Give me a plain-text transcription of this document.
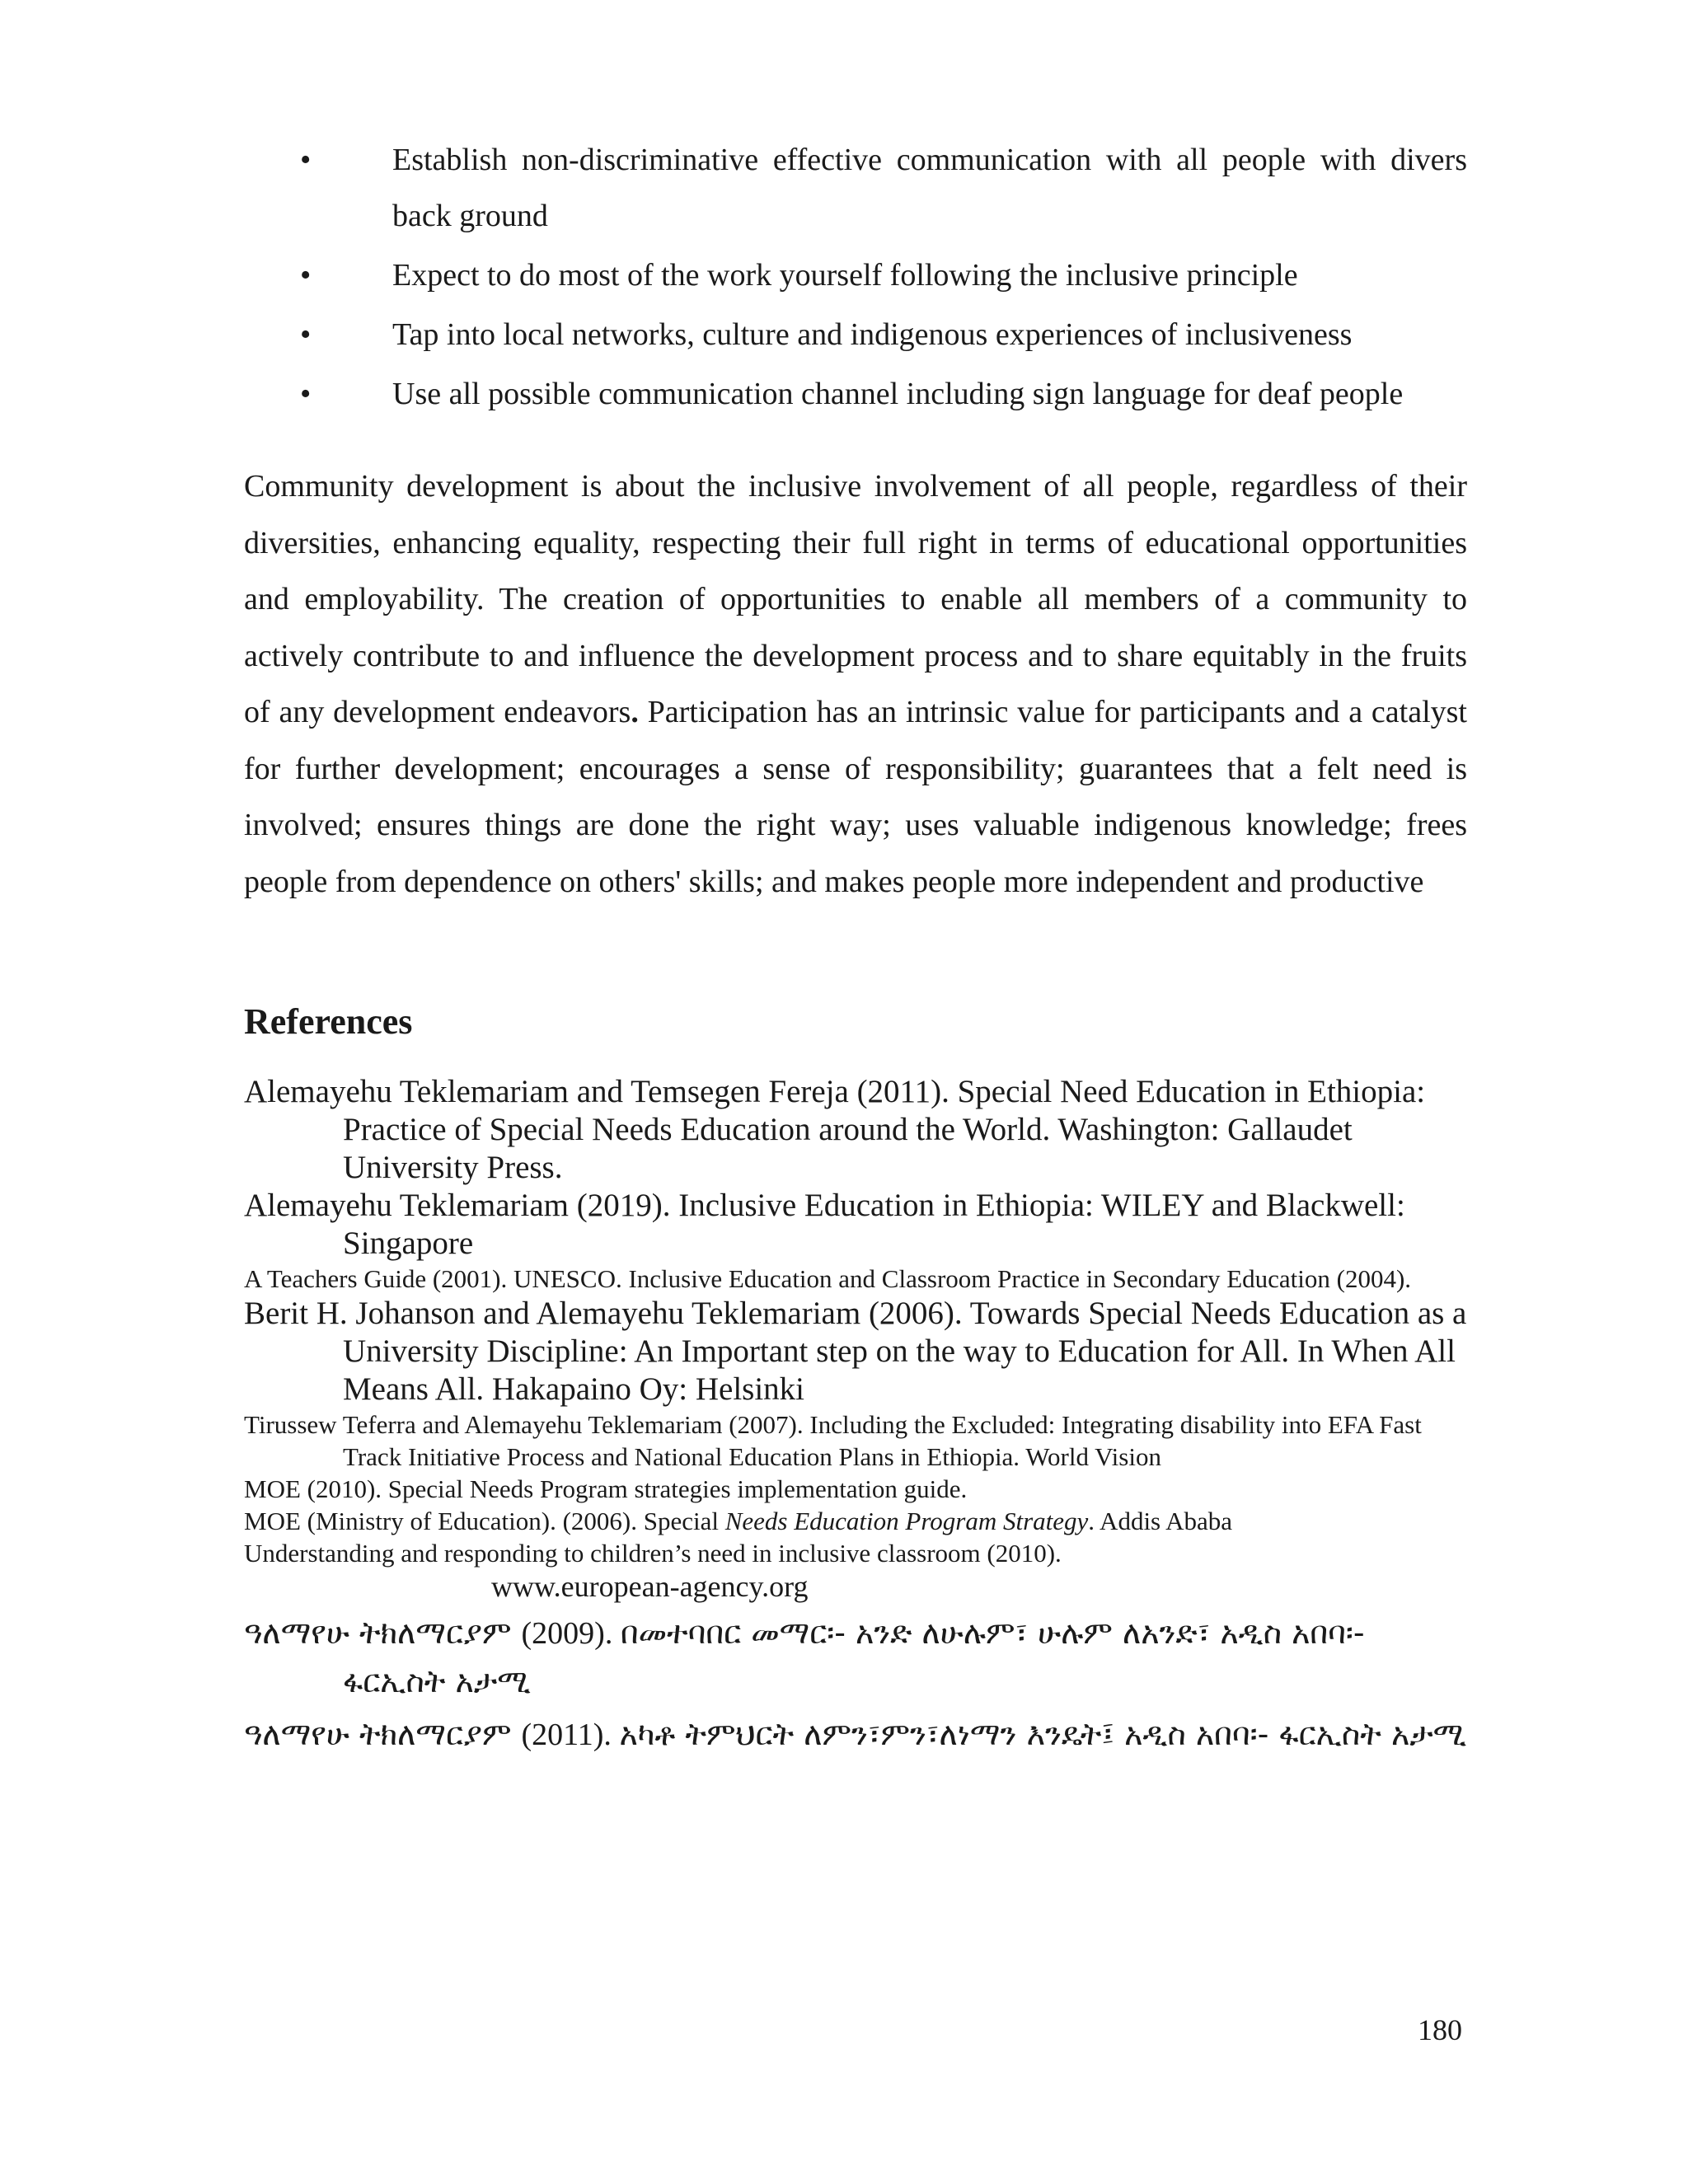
•	Establish non-discriminative effective communication with all people with divers back ground
•	Expect to do most of the work yourself following the inclusive principle
•	Tap into local networks, culture and indigenous experiences of inclusiveness
•	Use all possible communication channel including sign language for deaf people

Community development is about the inclusive involvement of all people, regardless of their diversities, enhancing equality, respecting their full right in terms of educational opportunities and employability. The creation of opportunities to enable all members of a community to actively contribute to and influence the development process and to share equitably in the fruits of any development endeavors. Participation has an intrinsic value for participants and a catalyst for further development; encourages a sense of responsibility; guarantees that a felt need is involved; ensures things are done the right way; uses valuable indigenous knowledge; frees people from dependence on others' skills; and makes people more independent and productive

References

Alemayehu Teklemariam and Temsegen Fereja (2011). Special Need Education in Ethiopia: Practice of Special Needs Education around the World. Washington: Gallaudet University Press.

Alemayehu Teklemariam (2019). Inclusive Education in Ethiopia: WILEY and Blackwell: Singapore

A Teachers Guide (2001). UNESCO. Inclusive Education and Classroom Practice in Secondary Education (2004).

Berit H. Johanson and Alemayehu Teklemariam (2006). Towards Special Needs Education as a University Discipline: An Important step on the way to Education for All. In When All Means All. Hakapaino Oy: Helsinki

Tirussew Teferra and Alemayehu Teklemariam (2007). Including the Excluded: Integrating disability into EFA Fast Track Initiative Process and National Education Plans in Ethiopia. World Vision

MOE (2010). Special Needs Program strategies implementation guide.

MOE (Ministry of Education). (2006). Special Needs Education Program Strategy. Addis Ababa

Understanding and responding to children’s need in inclusive classroom (2010).

www.european-agency.org

ዓለማየሁ ትክለማርያም (2009). በመተባበር መማር፡- አንድ ለሁሉም፣ ሁሉም ለአንድ፣ አዲስ አበባ፡- ፋርኢስት አታሚ

ዓለማየሁ ትክለማርያም (2011). አካቶ ትምህርት ለምን፣ምን፣ለነማን እንዴት፤ አዲስ አበባ፡- ፋርኢስት አታሚ

180
